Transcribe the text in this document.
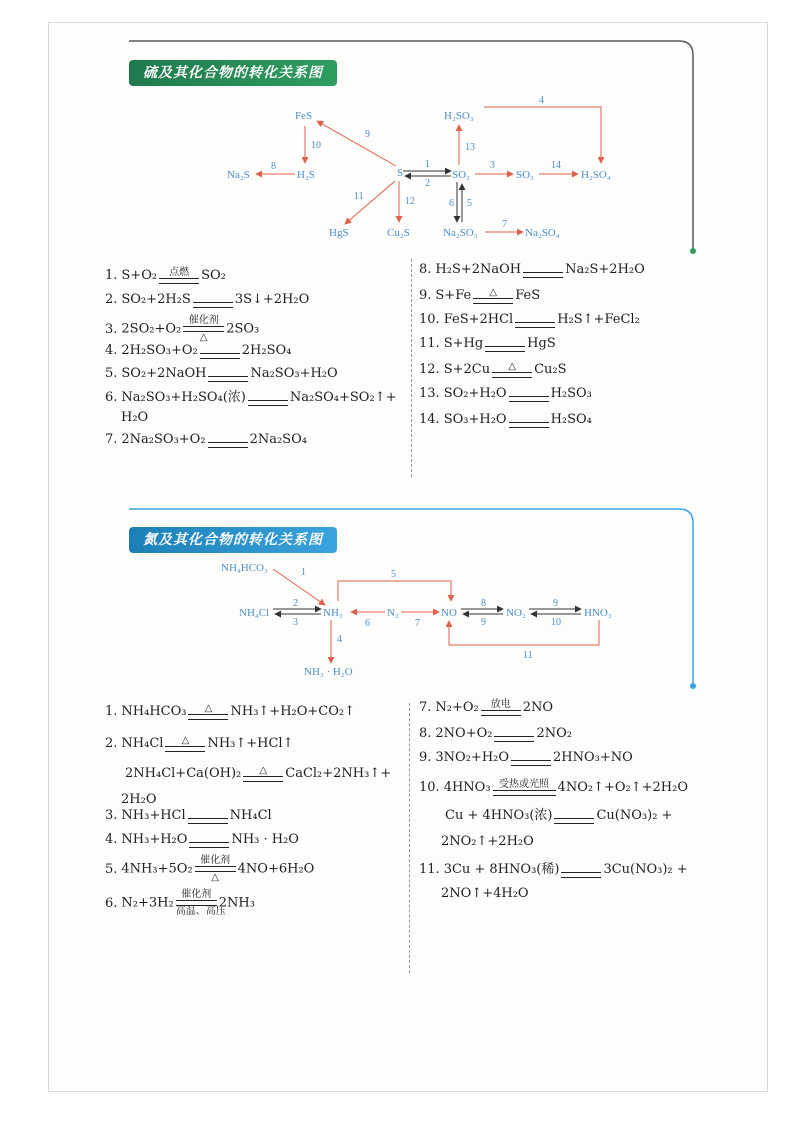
硫及其化合物的转化关系图
FeS	H₂SO₃
Na₂S	H₂S	S	SO₂	SO₃	H₂SO₄
HgS	Cu₂S	Na₂SO₃	Na₂SO₄
1
2
3
4
5
6
7
8
9
10
11	12
13
14
1. S+O₂	点燃 SO₂
2. SO₂+2H₂S	3S↓+2H₂O
3. 2SO₂+O₂
催化剂
△
2SO₃
4. 2H₂SO₃+O₂	2H₂SO₄
5. SO₂+2NaOH	Na₂SO₃+H₂O
6. Na₂SO₃+H₂SO₄(浓)	Na₂SO₄+SO₂↑+
H₂O
7. 2Na₂SO₃+O₂	2Na₂SO₄
8. H₂S+2NaOH	Na₂S+2H₂O
9. S+Fe	△	FeS
10. FeS+2HCl	H₂S↑+FeCl₂
11. S+Hg	HgS
12. S+2Cu	△	Cu₂S
13. SO₂+H₂O	H₂SO₃
14. SO₃+H₂O	H₂SO₄
氮及其化合物的转化关系图
NH₄HCO₃
NH₄Cl	NH₃	N₂	NO	NO₂	HNO₃
NH₃ · H₂O
1
2
3
4
5
6	7
8
9
9
10
11
1. NH₄HCO₃	△	NH₃↑+H₂O+CO₂↑
2. NH₄Cl	△	NH₃↑+HCl↑
2NH₄Cl+Ca(OH)₂	△	CaCl₂+2NH₃↑+
2H₂O
3. NH₃+HCl	NH₄Cl
4. NH₃+H₂O	NH₃ · H₂O
5. 4NH₃+5O₂
催化剂
△
4NO+6H₂O
6. N₂+3H₂
催化剂
高温、高压
2NH₃
7. N₂+O₂	放电 2NO
8. 2NO+O₂	2NO₂
9. 3NO₂+H₂O	2HNO₃+NO
10. 4HNO₃ 受热或光照 4NO₂↑+O₂↑+2H₂O
Cu + 4HNO₃(浓)	Cu(NO₃)₂ +
2NO₂↑+2H₂O
11. 3Cu + 8HNO₃(稀)	3Cu(NO₃)₂ +
2NO↑+4H₂O
